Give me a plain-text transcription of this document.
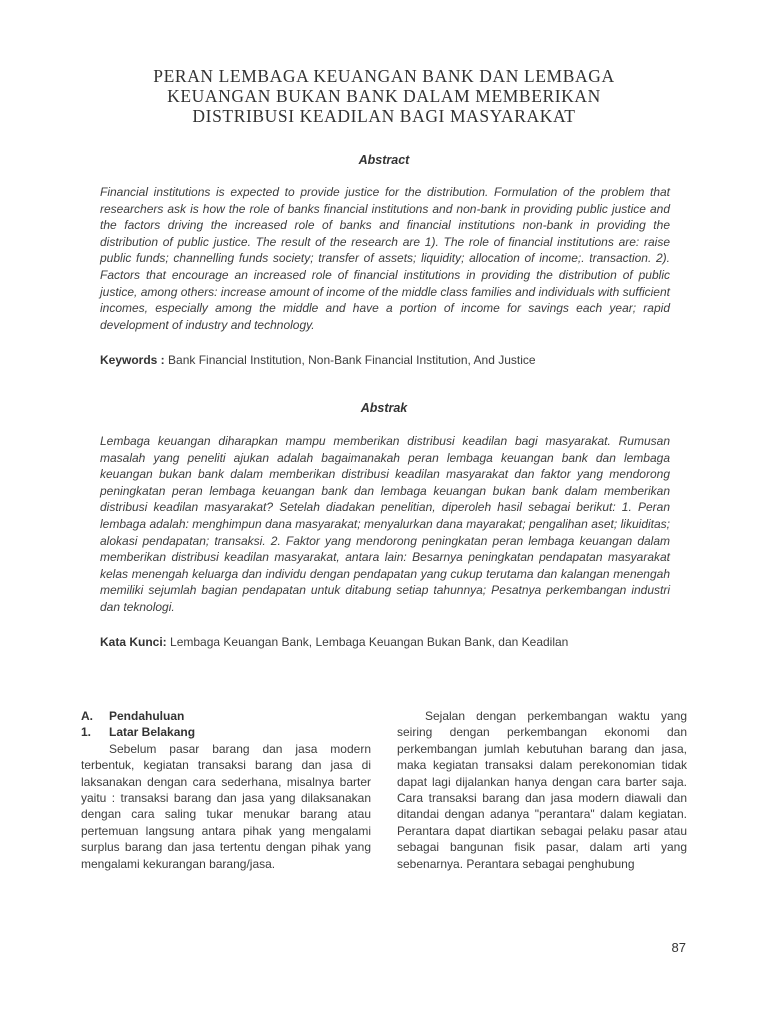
PERAN LEMBAGA KEUANGAN BANK DAN LEMBAGA
KEUANGAN BUKAN BANK DALAM MEMBERIKAN
DISTRIBUSI KEADILAN BAGI MASYARAKAT
Abstract
Financial institutions is expected to provide justice for the distribution. Formulation of the problem that researchers ask is how the role of banks financial institutions and non-bank in providing public justice and the factors driving the increased role of banks and financial institutions non-bank in providing the distribution of public justice. The result of the research are 1). The role of financial institutions are: raise public funds; channelling funds society; transfer of assets; liquidity; allocation of income;. transaction. 2). Factors that encourage an increased role of financial institutions in providing the distribution of public justice, among others: increase amount of income of the middle class families and individuals with sufficient incomes, especially among the middle and have a portion of income for savings each year; rapid development of industry and technology.
Keywords : Bank Financial Institution, Non-Bank Financial Institution, And Justice
Abstrak
Lembaga keuangan diharapkan mampu memberikan distribusi keadilan bagi masyarakat. Rumusan masalah yang peneliti ajukan adalah bagaimanakah peran lembaga keuangan bank dan lembaga keuangan bukan bank dalam memberikan distribusi keadilan masyarakat dan faktor yang mendorong peningkatan peran lembaga keuangan bank dan lembaga keuangan bukan bank dalam memberikan distribusi keadilan masyarakat? Setelah diadakan penelitian, diperoleh hasil sebagai berikut: 1. Peran lembaga adalah: menghimpun dana masyarakat; menyalurkan dana mayarakat; pengalihan aset; likuiditas; alokasi pendapatan; transaksi. 2. Faktor yang mendorong peningkatan peran lembaga keuangan dalam memberikan distribusi keadilan masyarakat, antara lain: Besarnya peningkatan pendapatan masyarakat kelas menengah keluarga dan individu dengan pendapatan yang cukup terutama dan kalangan menengah memiliki sejumlah bagian pendapatan untuk ditabung setiap tahunnya; Pesatnya perkembangan industri dan teknologi.
Kata Kunci: Lembaga Keuangan Bank, Lembaga Keuangan Bukan Bank, dan Keadilan
A.	Pendahuluan
1.	Latar Belakang

Sebelum pasar barang dan jasa modern terbentuk, kegiatan transaksi barang dan jasa di laksanakan dengan cara sederhana, misalnya barter yaitu : transaksi barang dan jasa yang dilaksanakan dengan cara saling tukar menukar barang atau pertemuan langsung antara pihak yang mengalami surplus barang dan jasa tertentu dengan pihak yang mengalami kekurangan barang/jasa.

Sejalan dengan perkembangan waktu yang seiring dengan perkembangan ekonomi dan perkembangan jumlah kebutuhan barang dan jasa, maka kegiatan transaksi dalam perekonomian tidak dapat lagi dijalankan hanya dengan cara barter saja. Cara transaksi barang dan jasa modern diawali dan ditandai dengan adanya "perantara" dalam kegiatan. Perantara dapat diartikan sebagai pelaku pasar atau sebagai bangunan fisik pasar, dalam arti yang sebenarnya. Perantara sebagai penghubung

87
